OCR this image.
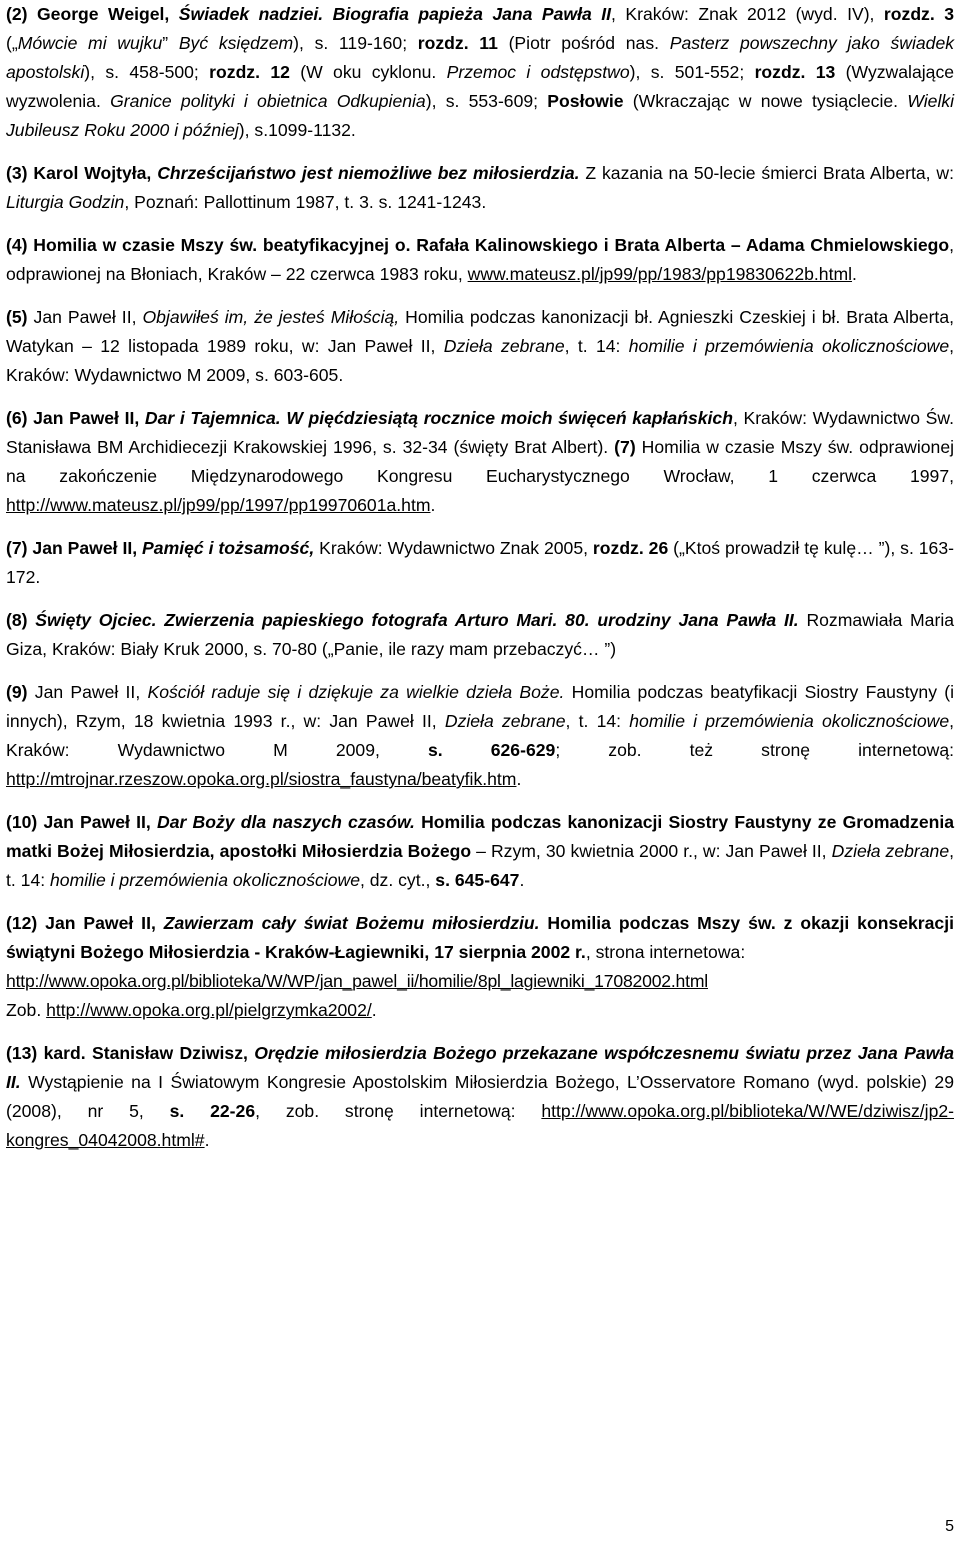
(2) George Weigel, Świadek nadziei. Biografia papieża Jana Pawła II, Kraków: Znak 2012 (wyd. IV), rozdz. 3 („Mówcie mi wujku” Być księdzem), s. 119-160; rozdz. 11 (Piotr pośród nas. Pasterz powszechny jako świadek apostolski), s. 458-500; rozdz. 12 (W oku cyklonu. Przemoc i odstępstwo), s. 501-552; rozdz. 13 (Wyzwalające wyzwolenia. Granice polityki i obietnica Odkupienia), s. 553-609; Posłowie (Wkraczając w nowe tysiąclecie. Wielki Jubileusz Roku 2000 i później), s.1099-1132.

(3) Karol Wojtyła, Chrześcijaństwo jest niemożliwe bez miłosierdzia. Z kazania na 50-lecie śmierci Brata Alberta, w: Liturgia Godzin, Poznań: Pallottinum 1987, t. 3. s. 1241-1243.

(4) Homilia w czasie Mszy św. beatyfikacyjnej o. Rafała Kalinowskiego i Brata Alberta – Adama Chmielowskiego, odprawionej na Błoniach, Kraków – 22 czerwca 1983 roku, www.mateusz.pl/jp99/pp/1983/pp19830622b.html.

(5) Jan Paweł II, Objawiłeś im, że jesteś Miłością, Homilia podczas kanonizacji bł. Agnieszki Czeskiej i bł. Brata Alberta, Watykan – 12 listopada 1989 roku, w: Jan Paweł II, Dzieła zebrane, t. 14: homilie i przemówienia okolicznościowe, Kraków: Wydawnictwo M 2009, s. 603-605.

(6) Jan Paweł II, Dar i Tajemnica. W pięćdziesiątą rocznice moich święceń kapłańskich, Kraków: Wydawnictwo Św. Stanisława BM Archidiecezji Krakowskiej 1996, s. 32-34 (święty Brat Albert). (7) Homilia w czasie Mszy św. odprawionej na zakończenie Międzynarodowego Kongresu Eucharystycznego Wrocław, 1 czerwca 1997, http://www.mateusz.pl/jp99/pp/1997/pp19970601a.htm.

(7) Jan Paweł II, Pamięć i tożsamość, Kraków: Wydawnictwo Znak 2005, rozdz. 26 („Ktoś prowadził tę kulę… ”), s. 163-172.

(8) Święty Ojciec. Zwierzenia papieskiego fotografa Arturo Mari. 80. urodziny Jana Pawła II. Rozmawiała Maria Giza, Kraków: Biały Kruk 2000, s. 70-80 („Panie, ile razy mam przebaczyć… ”)

(9) Jan Paweł II, Kościół raduje się i dziękuje za wielkie dzieła Boże. Homilia podczas beatyfikacji Siostry Faustyny (i innych), Rzym, 18 kwietnia 1993 r., w: Jan Paweł II, Dzieła zebrane, t. 14: homilie i przemówienia okolicznościowe, Kraków: Wydawnictwo M 2009,	s. 626-629; zob. też stronę internetową: http://mtrojnar.rzeszow.opoka.org.pl/siostra_faustyna/beatyfik.htm.

(10) Jan Paweł II, Dar Boży dla naszych czasów. Homilia podczas kanonizacji Siostry Faustyny ze Gromadzenia matki Bożej Miłosierdzia, apostołki Miłosierdzia Bożego – Rzym, 30 kwietnia 2000 r., w: Jan Paweł II, Dzieła zebrane, t. 14: homilie i przemówienia okolicznościowe, dz. cyt., s. 645-647.

(12) Jan Paweł II, Zawierzam cały świat Bożemu miłosierdziu. Homilia podczas Mszy św. z okazji konsekracji świątyni Bożego Miłosierdzia - Kraków-Łagiewniki, 17 sierpnia 2002 r., strona internetowa:
http://www.opoka.org.pl/biblioteka/W/WP/jan_pawel_ii/homilie/8pl_lagiewniki_17082002.html
Zob. http://www.opoka.org.pl/pielgrzymka2002/.

(13) kard. Stanisław Dziwisz, Orędzie miłosierdzia Bożego przekazane współczesnemu światu przez Jana Pawła II. Wystąpienie na I Światowym Kongresie Apostolskim Miłosierdzia Bożego, L’Osservatore Romano (wyd. polskie) 29 (2008), nr 5, s. 22-26, zob. stronę internetową: http://www.opoka.org.pl/biblioteka/W/WE/dziwisz/jp2-kongres_04042008.html#.

5
